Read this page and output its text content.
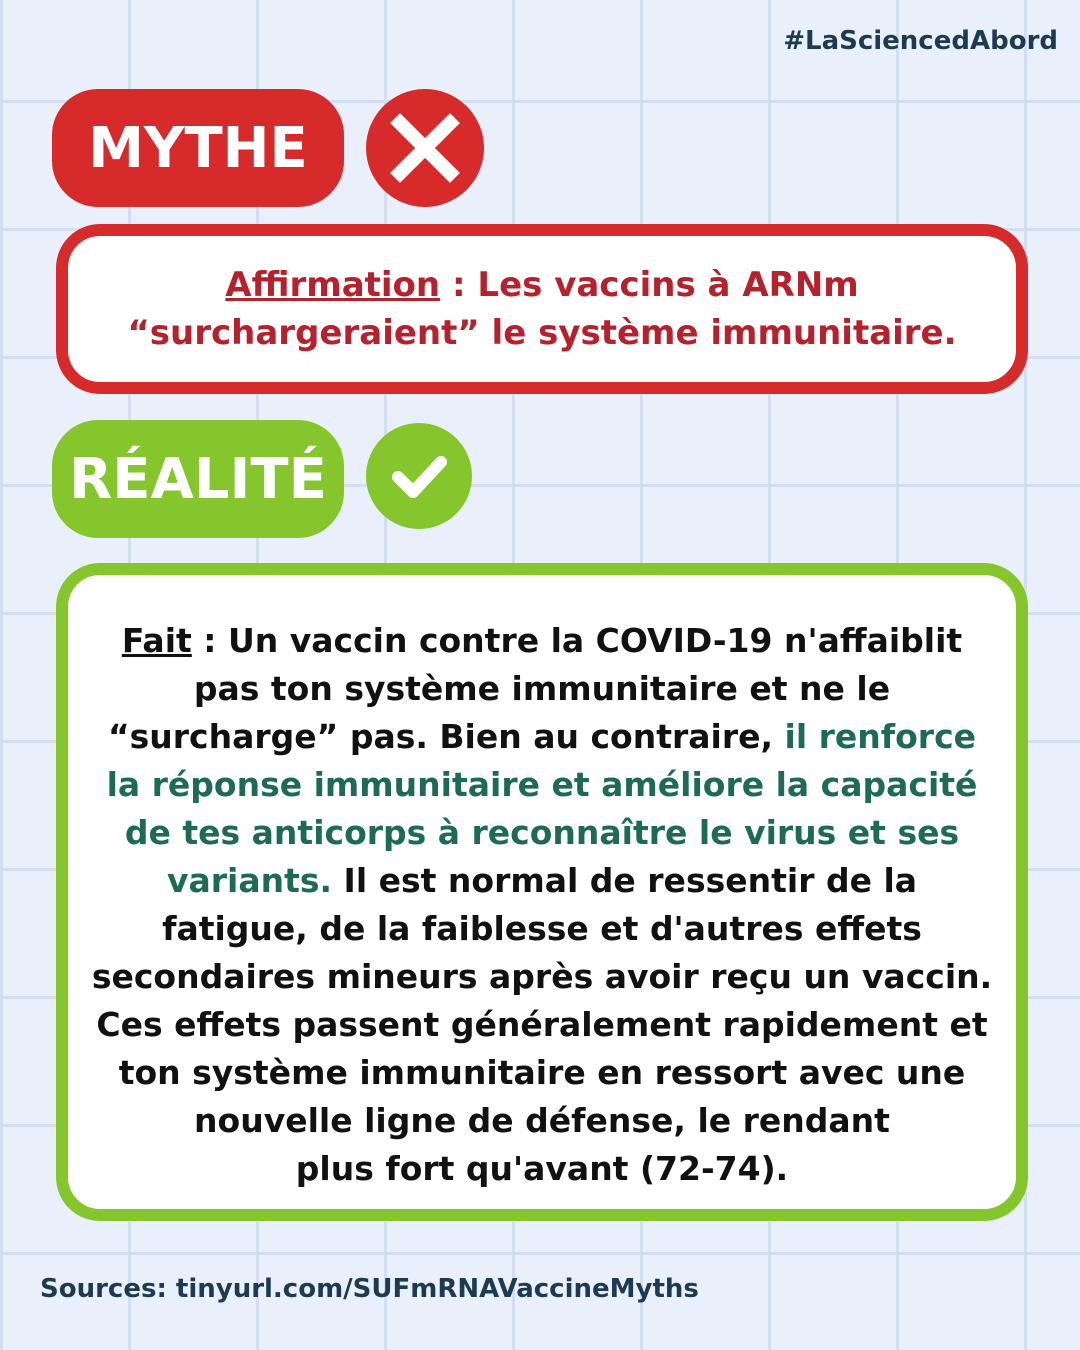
#LaSciencedAbord
MYTHE
Affirmation : Les vaccins à ARNm “surchargeraient” le système immunitaire.
RÉALITÉ
Fait : Un vaccin contre la COVID-19 n'affaiblit pas ton système immunitaire et ne le “surcharge” pas. Bien au contraire, il renforce la réponse immunitaire et améliore la capacité de tes anticorps à reconnaître le virus et ses variants. Il est normal de ressentir de la fatigue, de la faiblesse et d'autres effets secondaires mineurs après avoir reçu un vaccin. Ces effets passent généralement rapidement et ton système immunitaire en ressort avec une nouvelle ligne de défense, le rendant
plus fort qu'avant (72-74).
Sources: tinyurl.com/SUFmRNAVaccineMyths
